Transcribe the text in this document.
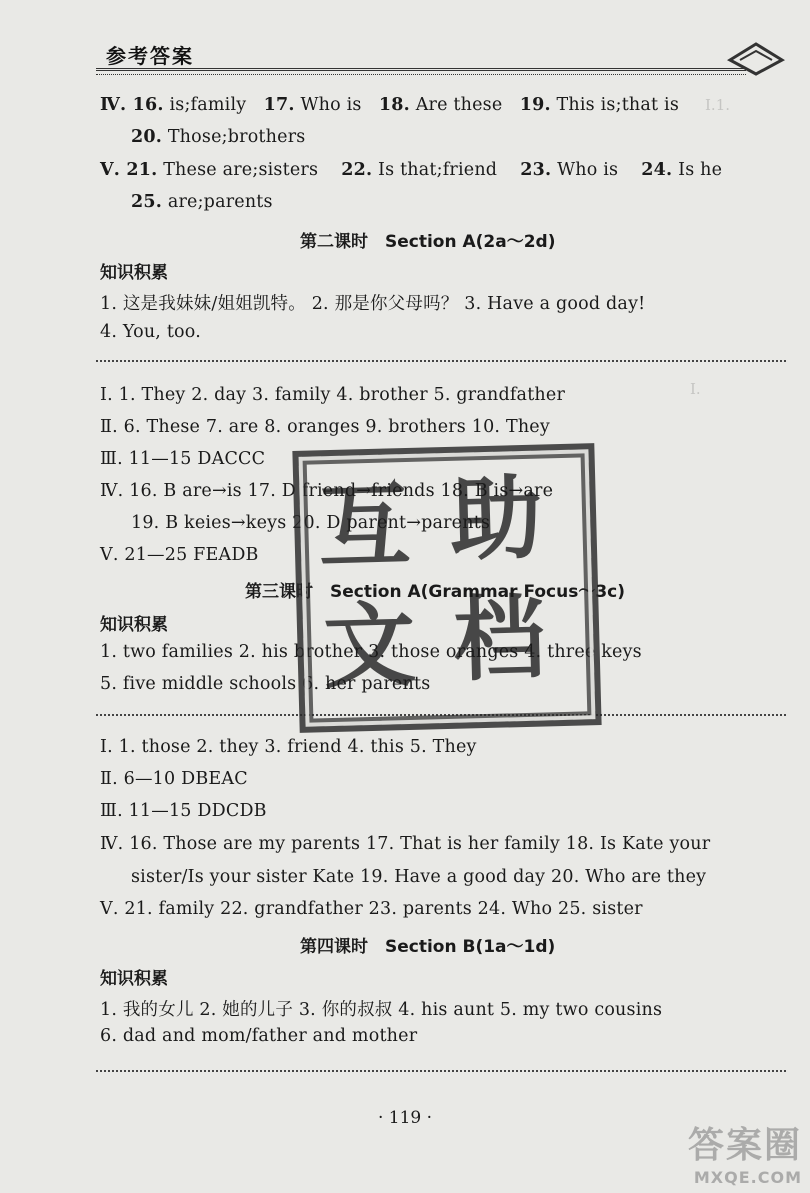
Ⅰ.1.
Ⅰ.
参考答案
Ⅳ. 16. is;family 17. Who is 18. Are these 19. This is;that is
20. Those;brothers
Ⅴ. 21. These are;sisters 22. Is that;friend 23. Who is 24. Is he
25. are;parents
第二课时　Section A(2a～2d)
知识积累
1. 这是我妹妹/姐姐凯特。 2. 那是你父母吗？ 3. Have a good day!
4. You, too.
Ⅰ. 1. They 2. day 3. family 4. brother 5. grandfather
Ⅱ. 6. These 7. are 8. oranges 9. brothers 10. They
Ⅲ. 11—15 DACCC
Ⅳ. 16. B are→is 17. D friend→friends 18. B is→are
19. B keies→keys 20. D parent→parents
Ⅴ. 21—25 FEADB
第三课时　Section A(Grammar Focus～3c)
知识积累
1. two families 2. his brother 3. those oranges 4. three keys
5. five middle schools 6. her parents
Ⅰ. 1. those 2. they 3. friend 4. this 5. They
Ⅱ. 6—10 DBEAC
Ⅲ. 11—15 DDCDB
Ⅳ. 16. Those are my parents 17. That is her family 18. Is Kate your
sister/Is your sister Kate 19. Have a good day 20. Who are they
Ⅴ. 21. family 22. grandfather 23. parents 24. Who 25. sister
第四课时　Section B(1a～1d)
知识积累
1. 我的女儿 2. 她的儿子 3. 你的叔叔 4. his aunt 5. my two cousins
6. dad and mom/father and mother
· 119 ·
互 助
文 档
答案圈
MXQE.COM
